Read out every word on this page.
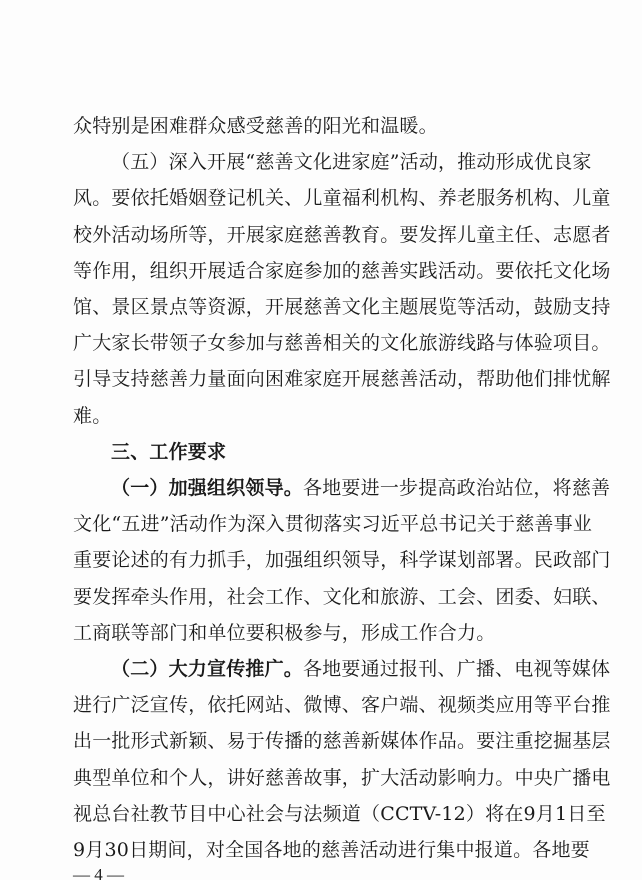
众特别是困难群众感受慈善的阳光和温暖。
（五）深入开展“慈善文化进家庭”活动，推动形成优良家
风。要依托婚姻登记机关、儿童福利机构、养老服务机构、儿童
校外活动场所等，开展家庭慈善教育。要发挥儿童主任、志愿者
等作用，组织开展适合家庭参加的慈善实践活动。要依托文化场
馆、景区景点等资源，开展慈善文化主题展览等活动，鼓励支持
广大家长带领子女参加与慈善相关的文化旅游线路与体验项目。
引导支持慈善力量面向困难家庭开展慈善活动，帮助他们排忧解
难。
三、工作要求
（一）加强组织领导。 各地要进一步提高政治站位，将慈善
文化“五进”活动作为深入贯彻落实习近平总书记关于慈善事业
重要论述的有力抓手，加强组织领导，科学谋划部署。民政部门
要发挥牵头作用，社会工作、文化和旅游、工会、团委、妇联、
工商联等部门和单位要积极参与，形成工作合力。
（二）大力宣传推广。 各地要通过报刊、广播、电视等媒体
进行广泛宣传，依托网站、微博、客户端、视频类应用等平台推
出一批形式新颖、易于传播的慈善新媒体作品。要注重挖掘基层
典型单位和个人，讲好慈善故事，扩大活动影响力。中央广播电
视总台社教节目中心社会与法频道（CCTV-12）将在9月1日至
9月30日期间，对全国各地的慈善活动进行集中报道。各地要
— 4 —
